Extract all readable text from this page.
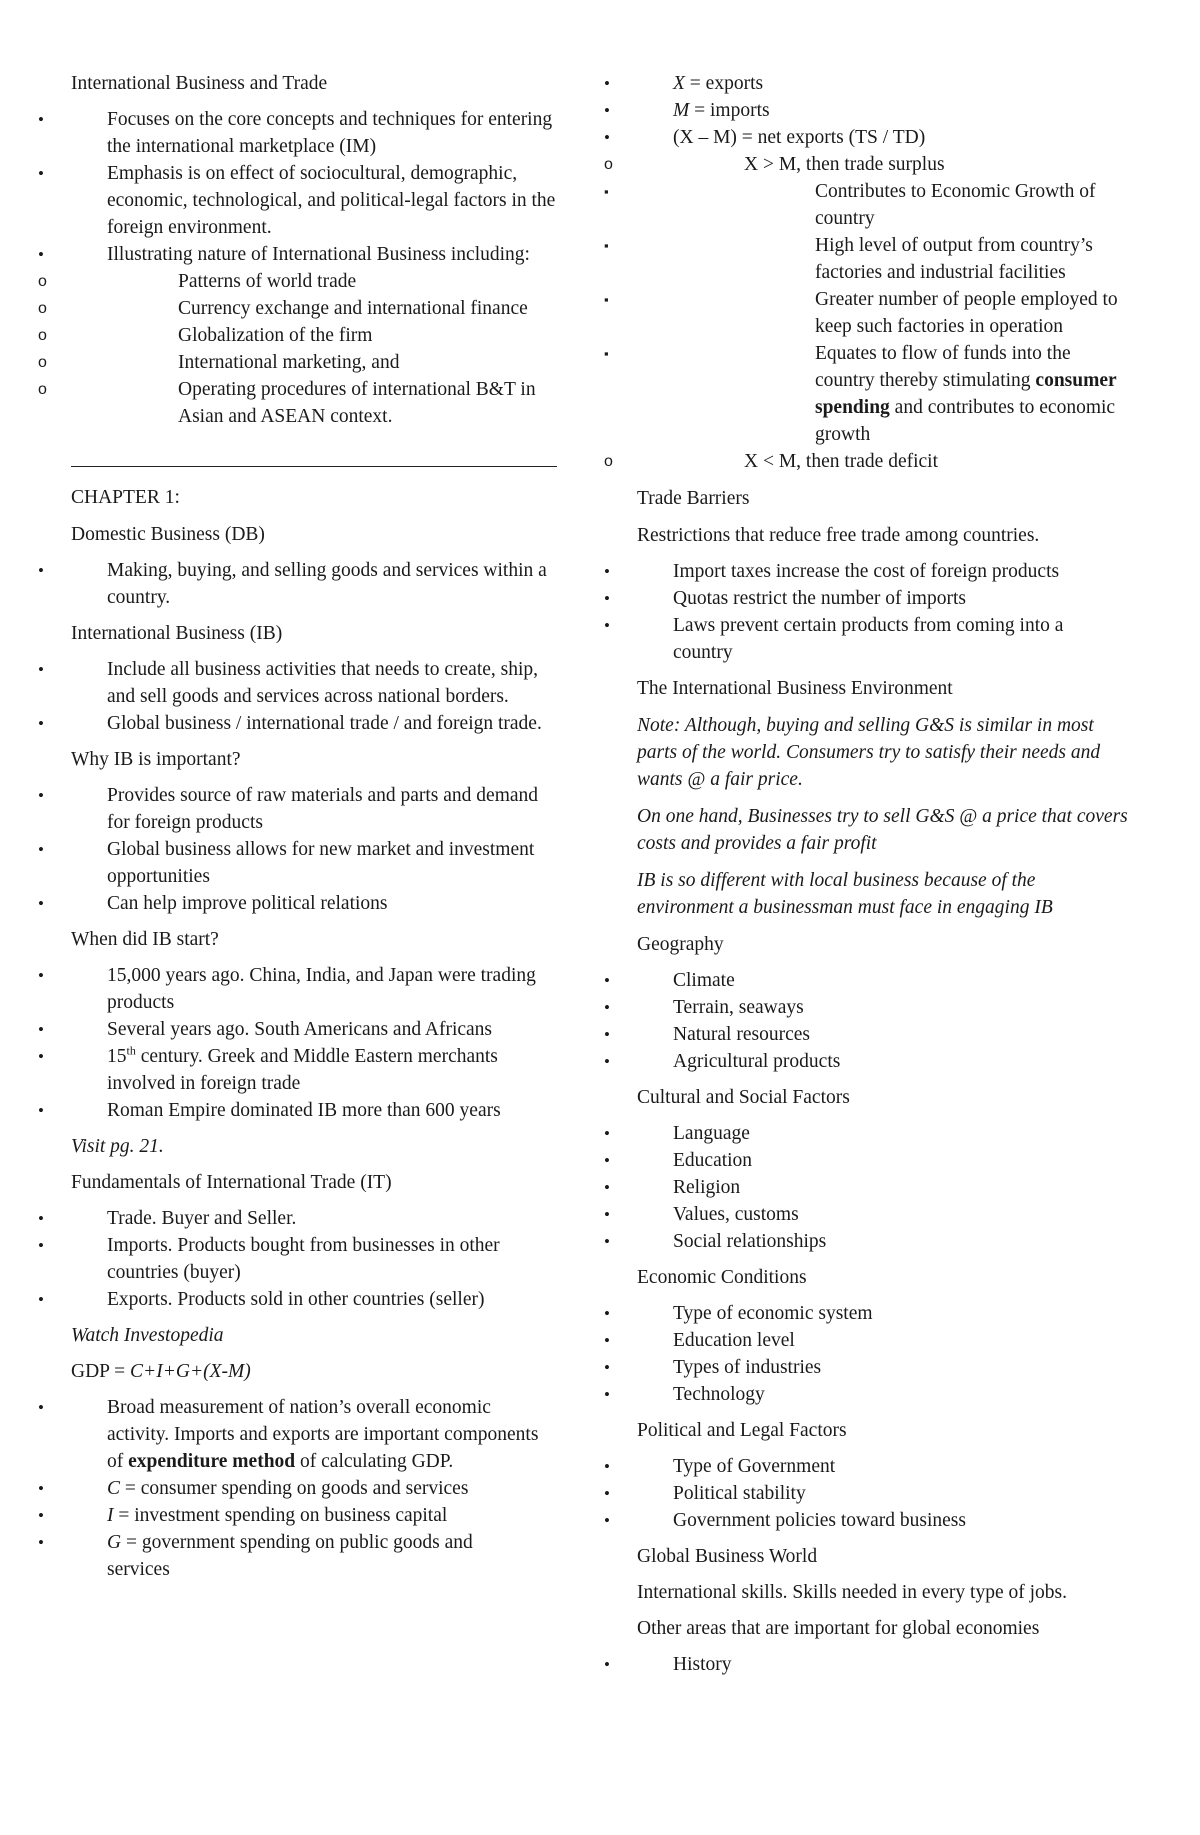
International Business and Trade
•	Focuses on the core concepts and techniques for entering the international marketplace (IM)
•	Emphasis is on effect of sociocultural, demographic, economic, technological, and political-legal factors in the foreign environment.
•	Illustrating nature of International Business including:
o	Patterns of world trade
o	Currency exchange and international finance
o	Globalization of the firm
o	International marketing, and
o	Operating procedures of international B&T in Asian and ASEAN context.
CHAPTER 1:
Domestic Business (DB)
•	Making, buying, and selling goods and services within a country.
International Business (IB)
•	Include all business activities that needs to create, ship, and sell goods and services across national borders.
•	Global business / international trade / and foreign trade.
Why IB is important?
•	Provides source of raw materials and parts and demand for foreign products
•	Global business allows for new market and investment opportunities
•	Can help improve political relations
When did IB start?
•	15,000 years ago. China, India, and Japan were trading products
•	Several years ago. South Americans and Africans
•	15th century. Greek and Middle Eastern merchants involved in foreign trade
•	Roman Empire dominated IB more than 600 years
Visit pg. 21.
Fundamentals of International Trade (IT)
•	Trade. Buyer and Seller.
•	Imports. Products bought from businesses in other countries (buyer)
•	Exports. Products sold in other countries (seller)
Watch Investopedia
GDP = C+I+G+(X-M)
•	Broad measurement of nation’s overall economic activity. Imports and exports are important components of expenditure method of calculating GDP.
•	C = consumer spending on goods and services
•	I = investment spending on business capital
•	G = government spending on public goods and services
•	X = exports
•	M = imports
•	(X – M) = net exports (TS / TD)
o	X > M, then trade surplus
▪	Contributes to Economic Growth of country
▪	High level of output from country’s factories and industrial facilities
▪	Greater number of people employed to keep such factories in operation
▪	Equates to flow of funds into the country thereby stimulating consumer spending and contributes to economic growth
o	X < M, then trade deficit
Trade Barriers
Restrictions that reduce free trade among countries.
•	Import taxes increase the cost of foreign products
•	Quotas restrict the number of imports
•	Laws prevent certain products from coming into a country
The International Business Environment
Note: Although, buying and selling G&S is similar in most parts of the world. Consumers try to satisfy their needs and wants @ a fair price.
On one hand, Businesses try to sell G&S @ a price that covers costs and provides a fair profit
IB is so different with local business because of the environment a businessman must face in engaging IB
Geography
•	Climate
•	Terrain, seaways
•	Natural resources
•	Agricultural products
Cultural and Social Factors
•	Language
•	Education
•	Religion
•	Values, customs
•	Social relationships
Economic Conditions
•	Type of economic system
•	Education level
•	Types of industries
•	Technology
Political and Legal Factors
•	Type of Government
•	Political stability
•	Government policies toward business
Global Business World
International skills. Skills needed in every type of jobs.
Other areas that are important for global economies
•	History
